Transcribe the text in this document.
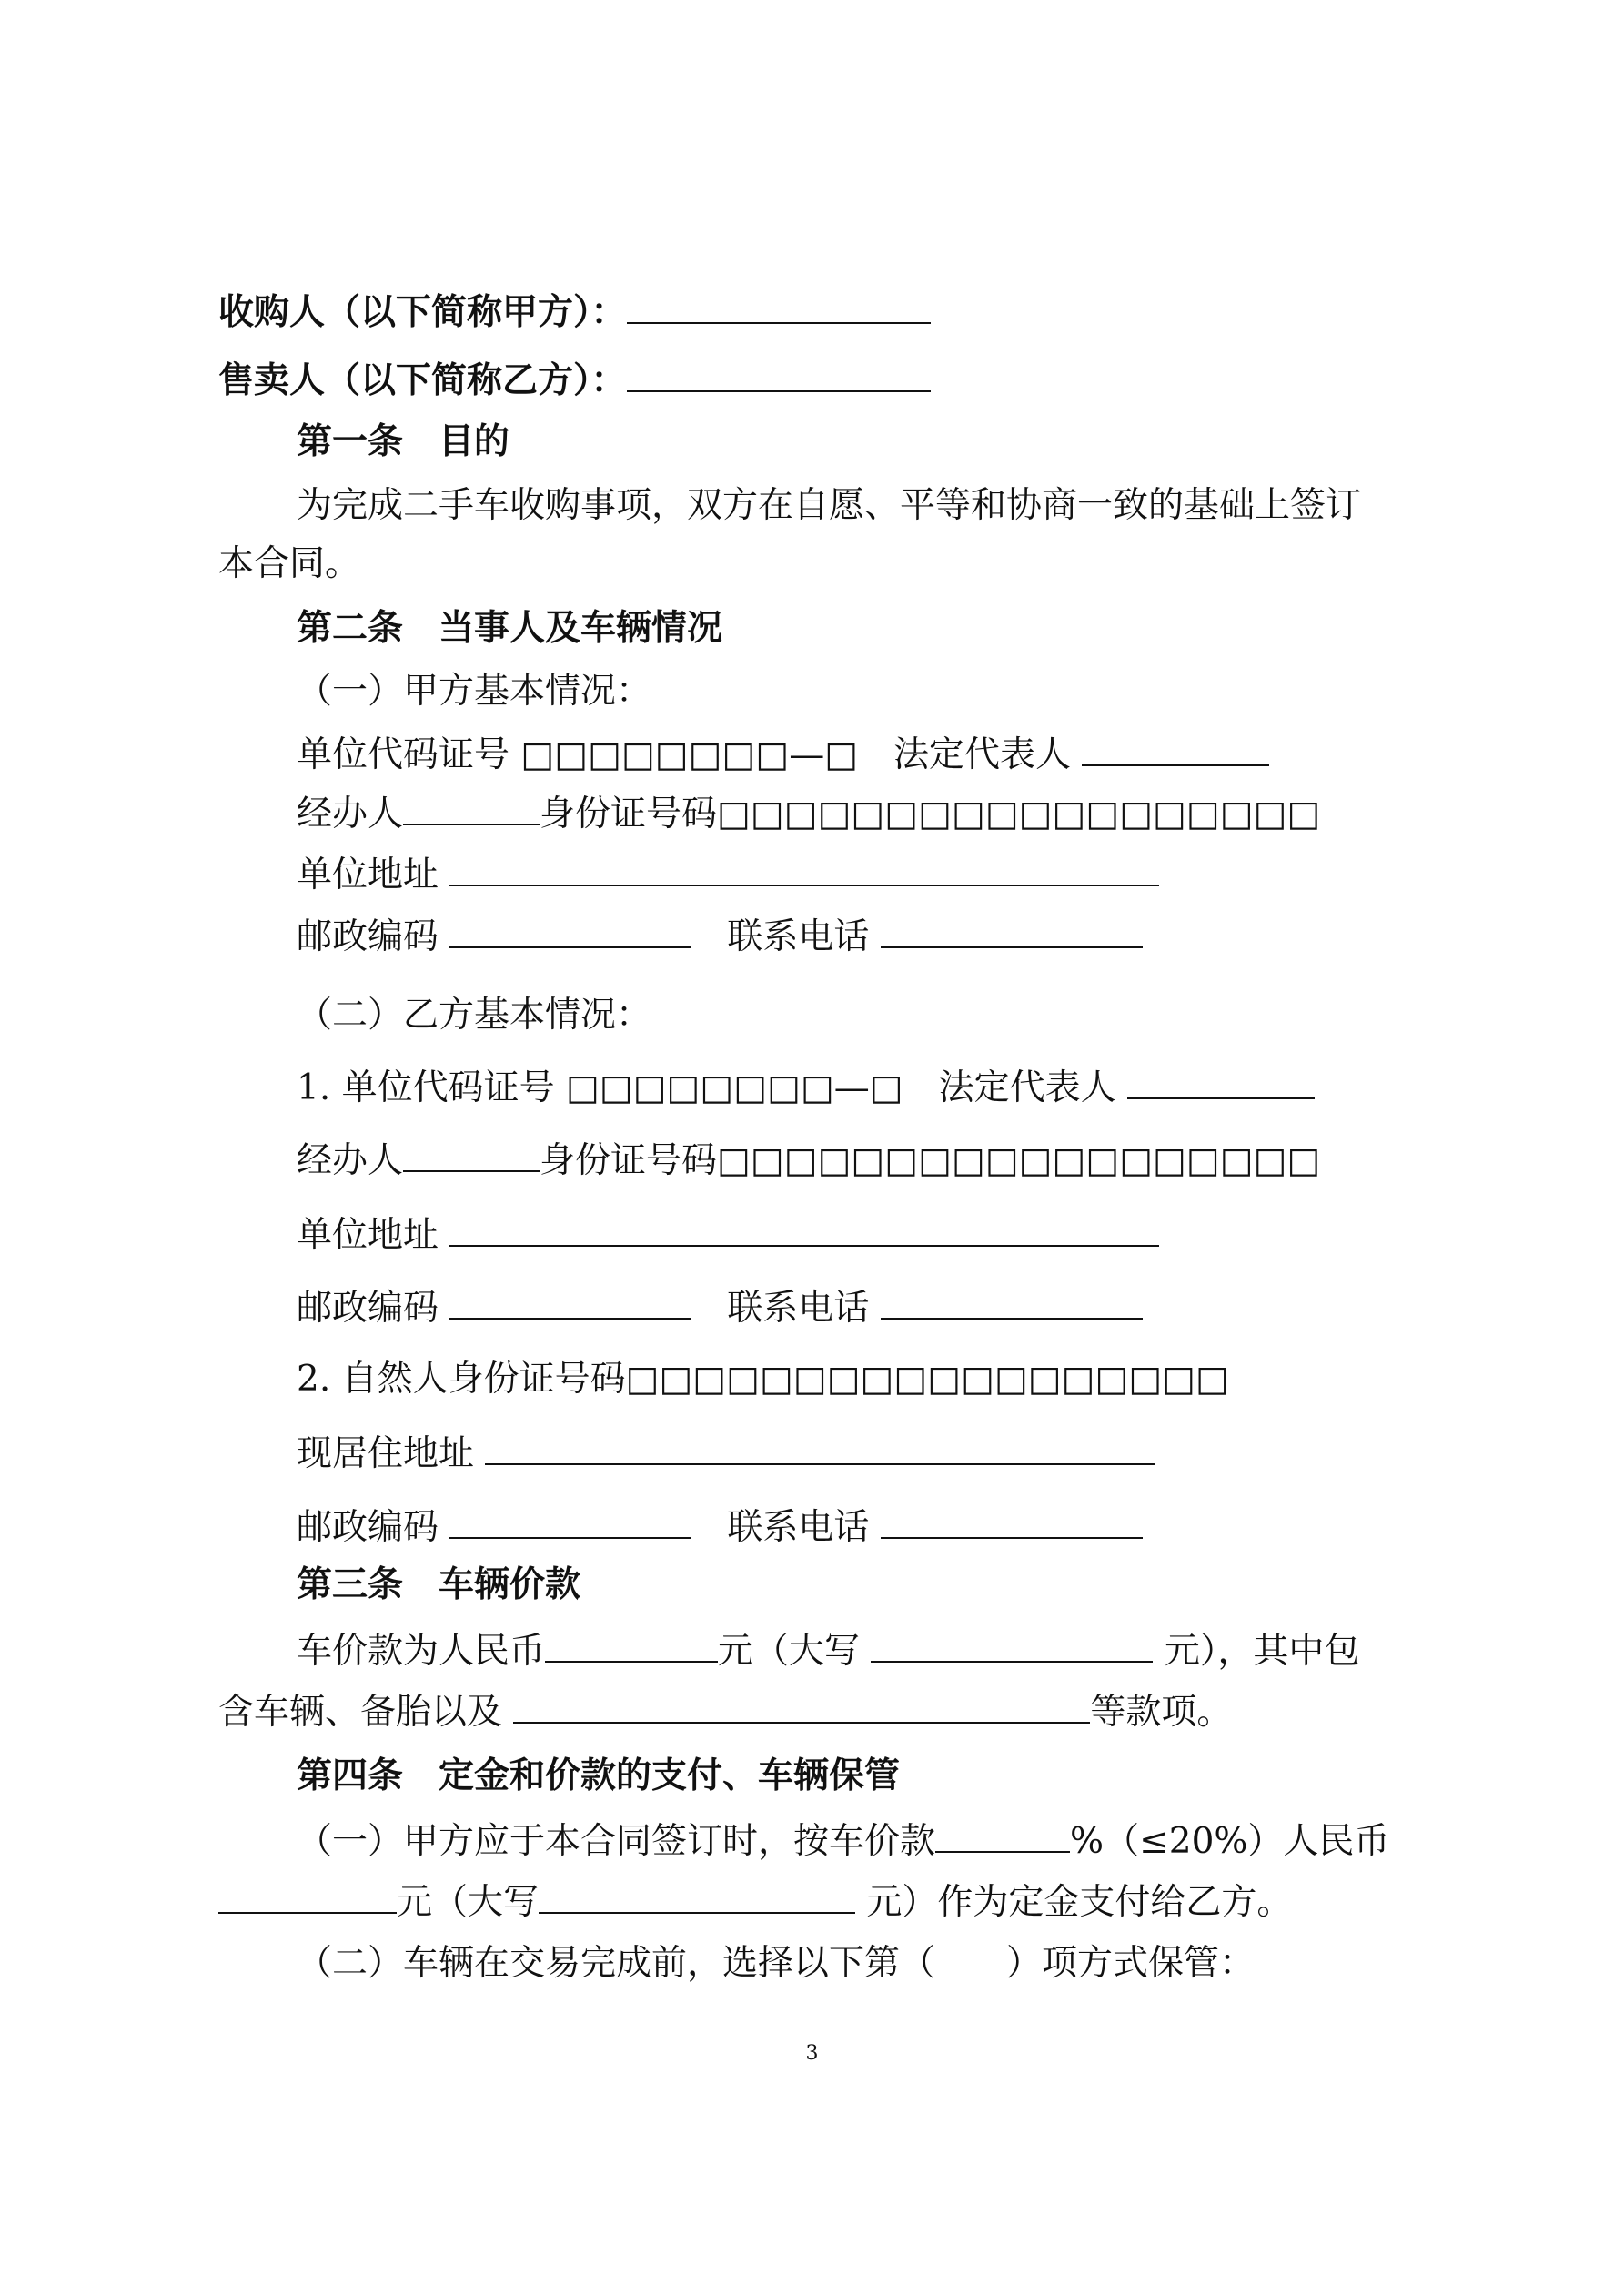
收购人（以下简称甲方）：
售卖人（以下简称乙方）：
第一条　目的
为完成二手车收购事项，双方在自愿、平等和协商一致的基础上签订
本合同。
第二条　当事人及车辆情况
（一）甲方基本情况：
单位代码证号 □□□□□□□□—□　法定代表人
经办人	身份证号码□□□□□□□□□□□□□□□□□□
单位地址
邮政编码	　联系电话
（二）乙方基本情况：
1. 单位代码证号 □□□□□□□□—□　法定代表人
经办人	身份证号码□□□□□□□□□□□□□□□□□□
单位地址
邮政编码	　联系电话
2. 自然人身份证号码□□□□□□□□□□□□□□□□□□
现居住地址
邮政编码	　联系电话
第三条　车辆价款
车价款为人民币	元（大写	元），其中包
含车辆、备胎以及	等款项。
第四条　定金和价款的支付、车辆保管
（一）甲方应于本合同签订时，按车价款	%（≤20%）人民币
元（大写	元）作为定金支付给乙方。
（二）车辆在交易完成前，选择以下第（　　）项方式保管：
3
